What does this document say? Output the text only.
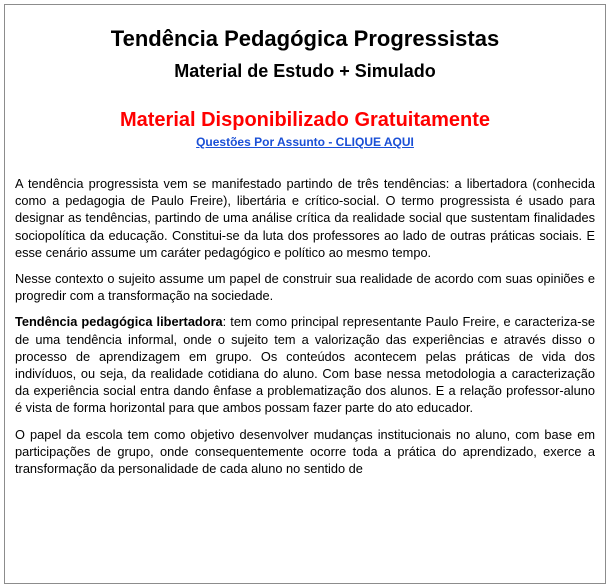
Tendência Pedagógica Progressistas
Material de Estudo + Simulado
Material Disponibilizado Gratuitamente
Questões Por Assunto - CLIQUE AQUI

A tendência progressista vem se manifestado partindo de três tendências: a libertadora (conhecida como a pedagogia de Paulo Freire), libertária e crítico-social. O termo progressista é usado para designar as tendências, partindo de uma análise crítica da realidade social que sustentam finalidades sociopolítica da educação. Constitui-se da luta dos professores ao lado de outras práticas sociais. E esse cenário assume um caráter pedagógico e político ao mesmo tempo.

Nesse contexto o sujeito assume um papel de construir sua realidade de acordo com suas opiniões e progredir com a transformação na sociedade.

Tendência pedagógica libertadora: tem como principal representante Paulo Freire, e caracteriza-se de uma tendência informal, onde o sujeito tem a valorização das experiências e através disso o processo de aprendizagem em grupo. Os conteúdos acontecem pelas práticas de vida dos indivíduos, ou seja, da realidade cotidiana do aluno. Com base nessa metodologia a caracterização da experiência social entra dando ênfase a problematização dos alunos. E a relação professor-aluno é vista de forma horizontal para que ambos possam fazer parte do ato educador.

O papel da escola tem como objetivo desenvolver mudanças institucionais no aluno, com base em participações de grupo, onde consequentemente ocorre toda a prática do aprendizado, exerce a transformação da personalidade de cada aluno no sentido de
